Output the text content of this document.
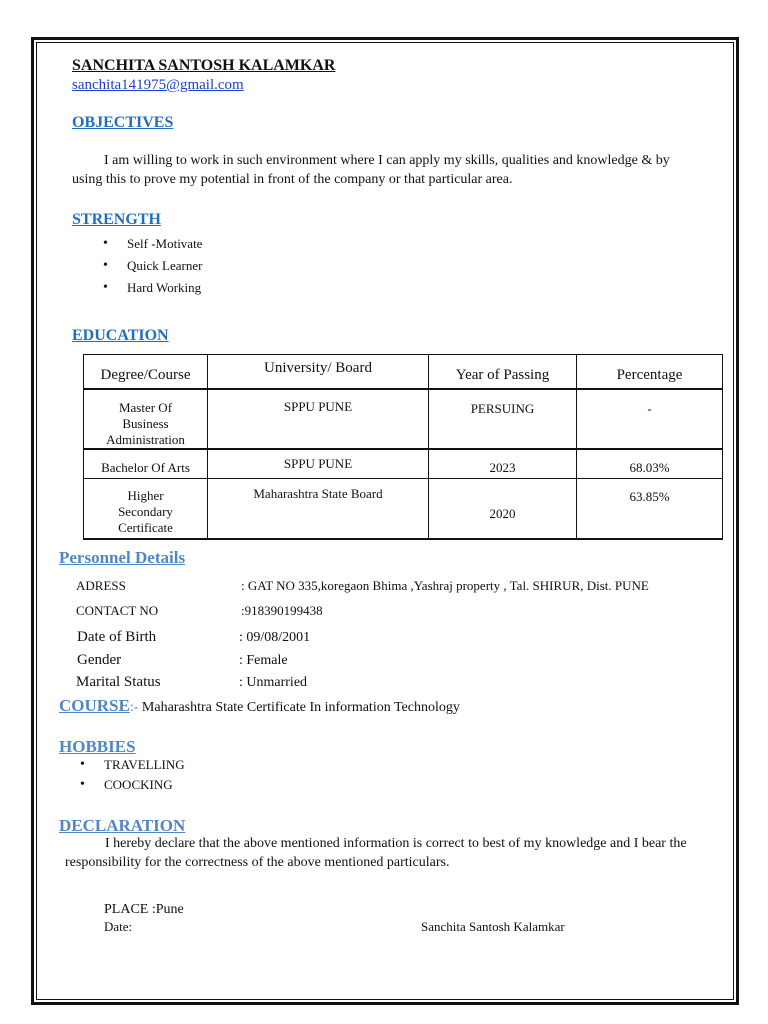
SANCHITA SANTOSH KALAMKAR
sanchita141975@gmail.com
OBJECTIVES
I am willing to work in such environment where I can apply my skills, qualities and knowledge & by using this to prove my potential in front of the company or that particular area.
STRENGTH
• Self -Motivate
• Quick Learner
• Hard Working
EDUCATION
Degree/Course	University/ Board	Year of Passing	Percentage
Master Of Business Administration	SPPU PUNE	PERSUING	-
Bachelor Of Arts	SPPU PUNE	2023	68.03%
Higher Secondary Certificate	Maharashtra State Board	2020	63.85%
Personnel Details
ADRESS	: GAT NO 335,koregaon Bhima ,Yashraj property , Tal. SHIRUR, Dist. PUNE
CONTACT NO	:918390199438
Date of Birth	: 09/08/2001
Gender	: Female
Marital Status	: Unmarried
COURSE:- Maharashtra State Certificate In information Technology
HOBBIES
• TRAVELLING
• COOCKING
DECLARATION
I hereby declare that the above mentioned information is correct to best of my knowledge and I bear the responsibility for the correctness of the above mentioned particulars.
PLACE :Pune
Date:	Sanchita Santosh Kalamkar
